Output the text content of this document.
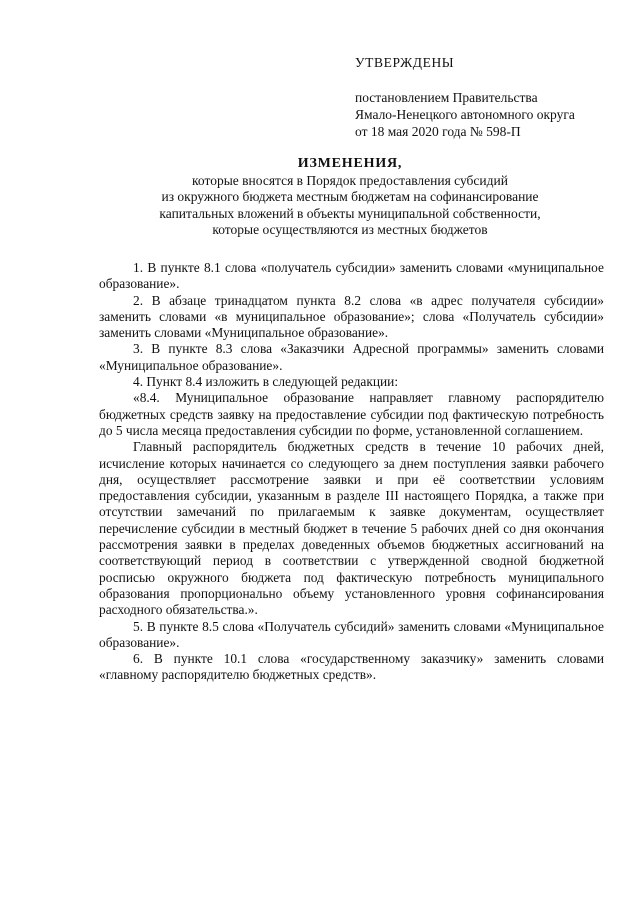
УТВЕРЖДЕНЫ
постановлением Правительства
Ямало-Ненецкого автономного округа
от 18 мая 2020 года № 598-П
ИЗМЕНЕНИЯ,
которые вносятся в Порядок предоставления субсидий
из окружного бюджета местным бюджетам на софинансирование
капитальных вложений в объекты муниципальной собственности,
которые осуществляются из местных бюджетов

1. В пункте 8.1 слова «получатель субсидии» заменить словами «муниципальное образование».

2. В абзаце тринадцатом пункта 8.2 слова «в адрес получателя субсидии» заменить словами «в муниципальное образование»; слова «Получатель субсидии» заменить словами «Муниципальное образование».

3. В пункте 8.3 слова «Заказчики Адресной программы» заменить словами «Муниципальное образование».

4. Пункт 8.4 изложить в следующей редакции:

«8.4. Муниципальное образование направляет главному распорядителю бюджетных средств заявку на предоставление субсидии под фактическую потребность до 5 числа месяца предоставления субсидии по форме, установленной соглашением.

Главный распорядитель бюджетных средств в течение 10 рабочих дней, исчисление которых начинается со следующего за днем поступления заявки рабочего дня, осуществляет рассмотрение заявки и при её соответствии условиям предоставления субсидии, указанным в разделе III настоящего Порядка, а также при отсутствии замечаний по прилагаемым к заявке документам, осуществляет перечисление субсидии в местный бюджет в течение 5 рабочих дней со дня окончания рассмотрения заявки в пределах доведенных объемов бюджетных ассигнований на соответствующий период в соответствии с утвержденной сводной бюджетной росписью окружного бюджета под фактическую потребность муниципального образования пропорционально объему установленного уровня софинансирования расходного обязательства.».

5. В пункте 8.5 слова «Получатель субсидий» заменить словами «Муниципальное образование».

6. В пункте 10.1 слова «государственному заказчику» заменить словами «главному распорядителю бюджетных средств».
